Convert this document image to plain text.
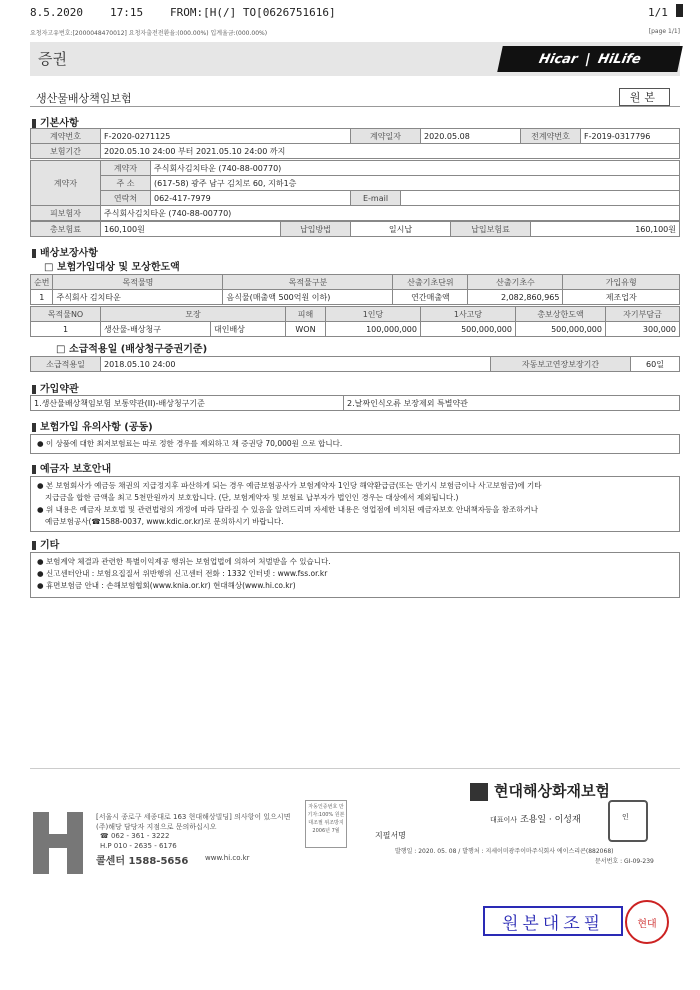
8.5.2020 17:15 FROM:[H(/] TO[0626751616]	1/1
요청자고유번호:[2000048470012] 요청자출전전환율:(000.00%) 입계율금:(000.00%)	[page 1/1]
증권	Hicar | HiLife
생산물배상책임보험	원본
기본사항
계약번호	F-2020-0271125	계약일자	2020.05.08	전계약번호	F-2019-0317796
보험기간	2020.05.10 24:00 부터 2021.05.10 24:00 까지				
계약자	계약자	주식회사김치타운 (740-88-00770)		
	주 소	(617-58) 광주 남구 김치로 60, 지하1층		
	연락처	062-417-7979	E-mail	
피보험자	주식회사김치타운 (740-88-00770)			
총보험료	160,100원	납입방법	일시납	납입보험료	160,100원
배상보장사항
□ 보험가입대상 및 모상한도액
순번	목적물명	목적물구분	산출기초단위	산출기초수	가입유형
1	주식회사 김치타운	음식물(매출액 500억원 이하)	연간매출액	2,082,860,965	제조업자
목적물NO	모장		피해	1인당	1사고당	총보상한도액	자기부담금
1	생산물-배상청구	대인배상	WON	100,000,000	500,000,000	500,000,000	300,000
□ 소급적용일 (배상청구증권기준)
소급적용일	2018.05.10 24:00	자동보고연장보장기간	60일
가입약관
1.생산물배상책임보험 보통약관(II)-배상청구기준	2.날짜인식오류 보장제외 특별약관
보험가입 유의사항 (공동)
● 이 상품에 대한 최저보험료는 따로 정한 경우를 제외하고 채 증권당 70,000원 으로 합니다.
예금자 보호안내
● 본 보험회사가 예금등 채권의 지급정지후 파산하게 되는 경우 예금보험공사가 보험계약자 1인당 해약환급금(또는 만기시 보험금이나 사고보험금)에 기타
지급금을 합한 금액을 최고 5천만원까지 보호합니다. (단, 보험계약자 및 보험료 납부자가 법인인 경우는 대상에서 제외됩니다.)
● 위 내용은 예금자 보호법 및 관련법령의 개정에 따라 달라질 수 있음을 알려드리며 자세한 내용은 영업점에 비치된 예금자보호 안내책자등을 참조하거나
예금보험공사(☎1588-0037, www.kdic.or.kr)로 문의하시기 바랍니다.
기타
● 보험계약 체결과 관련한 특별이익제공 행위는 보험업법에 의하여 처벌받을 수 있습니다.
● 신고센터안내 : 보험요집질서 위반행위 신고센터 전화 : 1332 인터넷 : www.fss.or.kr
● 휴면보험금 안내 : 손해보험협회(www.knia.or.kr) 현대해상(www.hi.co.kr)
[서울시 종로구 세종대로 163 현대해상빌딩] 의사항이 있으시면 (주)해당 담당자 지점으로 문의하십시오
☎ 062 - 361 - 3222
H.P 010 - 2635 - 6176
콜센터 1588-5656 www.hi.co.kr
자동인증번호 만기자:100% 원본대조필 위조방지 2006년 7월	지필서명
현대해상화재보험
대표이사 조용일 · 이성재	인
발행일 : 2020. 05. 08 / 발행처 : 지세이미광주이마주식회사 에이스리콘(882068)
문서번호 : GI-09-239
원본대조필	현대
